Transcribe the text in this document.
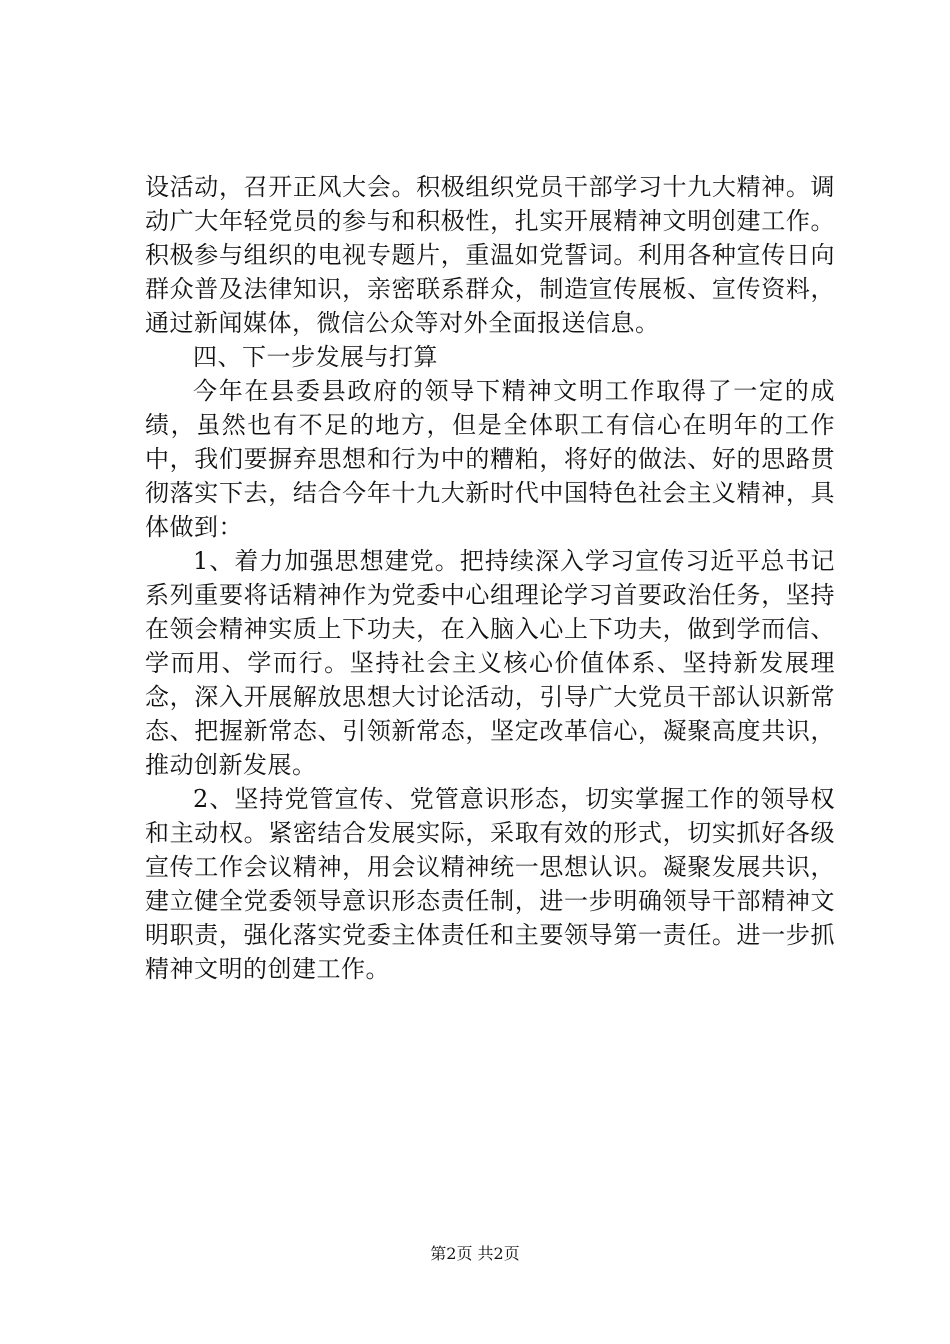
设活动，召开正风大会。积极组织党员干部学习十九大精神。调动广大年轻党员的参与和积极性，扎实开展精神文明创建工作。积极参与组织的电视专题片，重温如党誓词。利用各种宣传日向群众普及法律知识，亲密联系群众，制造宣传展板、宣传资料，通过新闻媒体，微信公众等对外全面报送信息。

四、下一步发展与打算

今年在县委县政府的领导下精神文明工作取得了一定的成绩，虽然也有不足的地方，但是全体职工有信心在明年的工作中，我们要摒弃思想和行为中的糟粕，将好的做法、好的思路贯彻落实下去，结合今年十九大新时代中国特色社会主义精神，具体做到：

1、着力加强思想建党。把持续深入学习宣传习近平总书记系列重要将话精神作为党委中心组理论学习首要政治任务，坚持在领会精神实质上下功夫，在入脑入心上下功夫，做到学而信、学而用、学而行。坚持社会主义核心价值体系、坚持新发展理念，深入开展解放思想大讨论活动，引导广大党员干部认识新常态、把握新常态、引领新常态，坚定改革信心，凝聚高度共识，推动创新发展。

2、坚持党管宣传、党管意识形态，切实掌握工作的领导权和主动权。紧密结合发展实际，采取有效的形式，切实抓好各级宣传工作会议精神，用会议精神统一思想认识。凝聚发展共识，建立健全党委领导意识形态责任制，进一步明确领导干部精神文明职责，强化落实党委主体责任和主要领导第一责任。进一步抓精神文明的创建工作。

第2页 共2页
